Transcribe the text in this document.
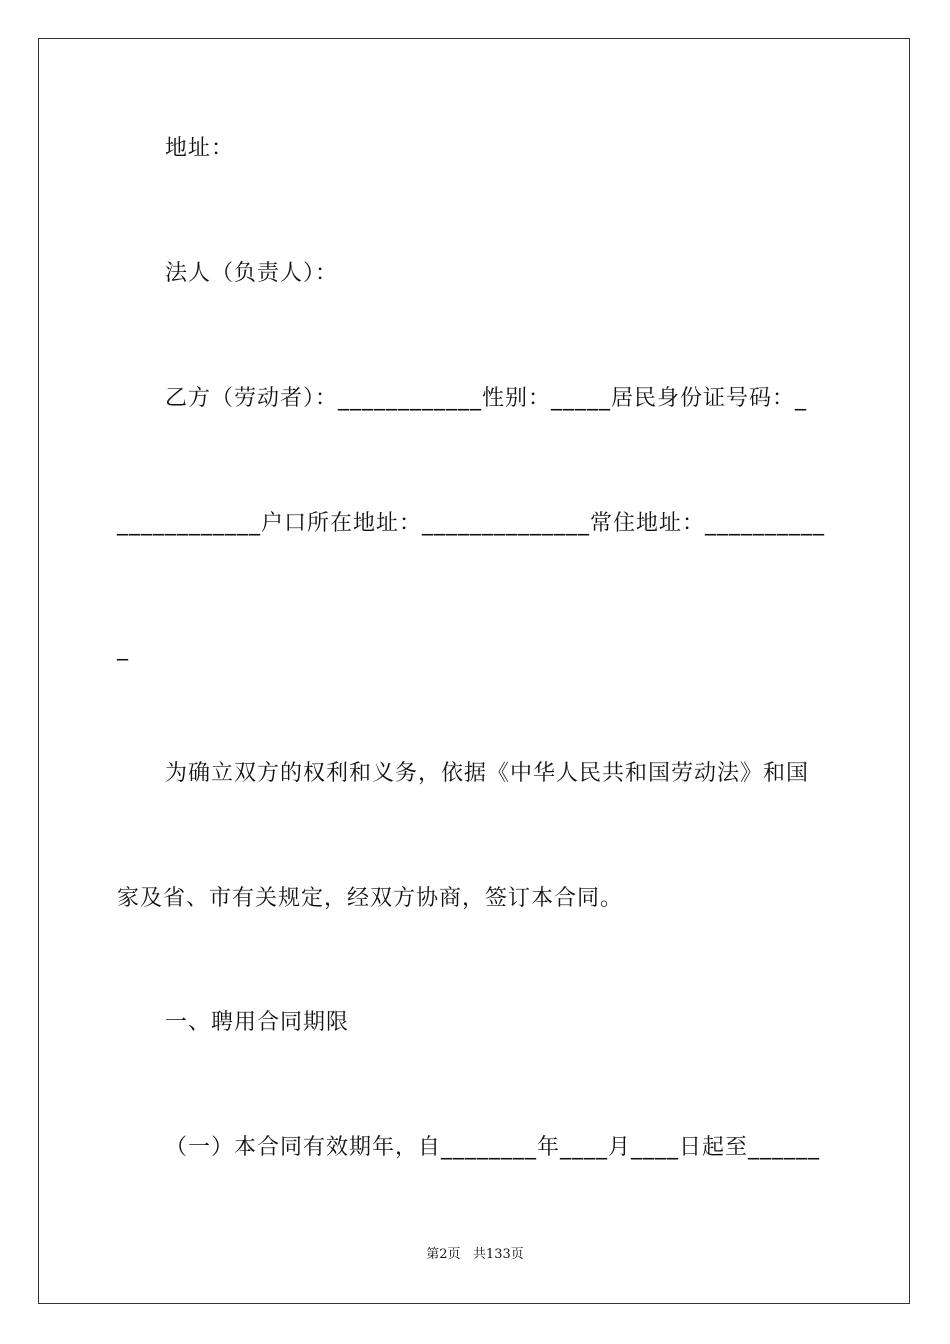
地址：
法人（负责人）：
乙方（劳动者）：____________性别：_____居民身份证号码：_
____________户口所在地址：______________常住地址：__________
_
为确立双方的权利和义务，依据《中华人民共和国劳动法》和国
家及省、市有关规定，经双方协商，签订本合同。
一、聘用合同期限
（一）本合同有效期年，自________年____月____日起至______
第2页 共133页
